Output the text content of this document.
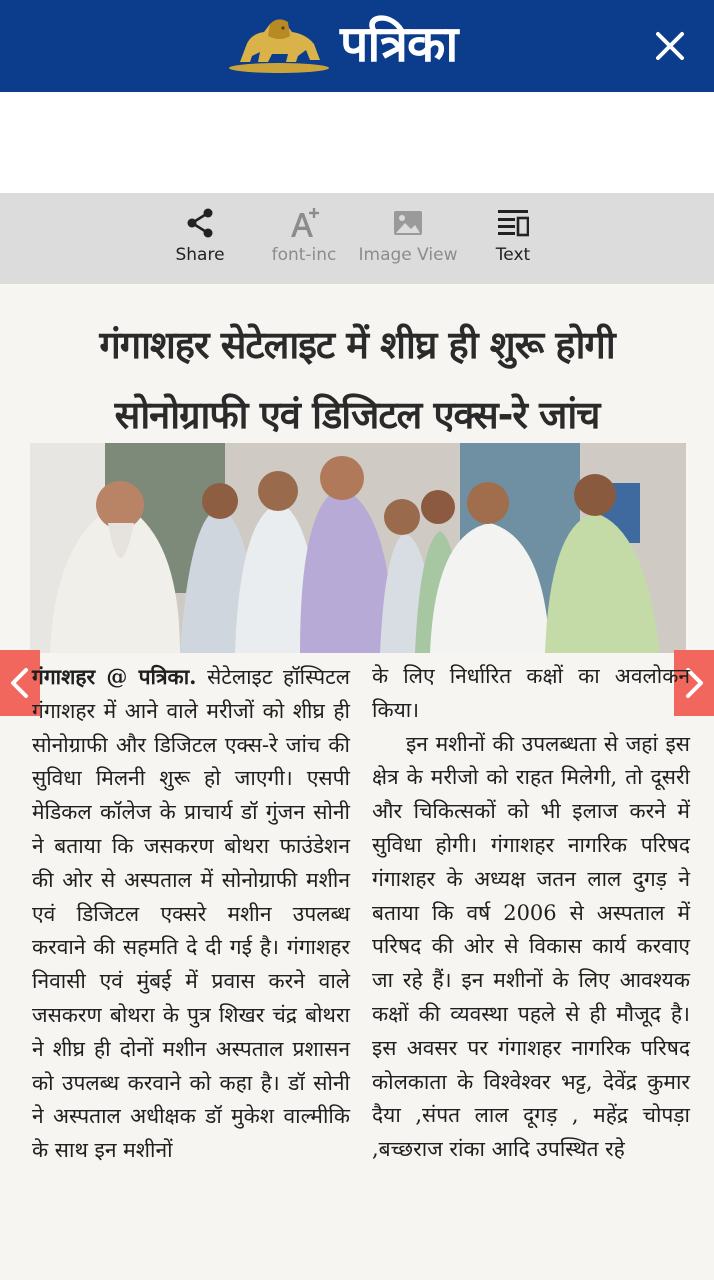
पत्रिका
Share	font-inc	Image View	Text
गंगाशहर सेटेलाइट में शीघ्र ही शुरू होगी
सोनोग्राफी एवं डिजिटल एक्स-रे जांच

गंगाशहर @ पत्रिका. सेटेलाइट हॉस्पिटल गंगाशहर में आने वाले मरीजों को शीघ्र ही सोनोग्राफी और डिजिटल एक्स-रे जांच की सुविधा मिलनी शुरू हो जाएगी। एसपी मेडिकल कॉलेज के प्राचार्य डॉ गुंजन सोनी ने बताया कि जसकरण बोथरा फाउंडेशन की ओर से अस्पताल में सोनोग्राफी मशीन एवं डिजिटल एक्सरे मशीन उपलब्ध करवाने की सहमति दे दी गई है। गंगाशहर निवासी एवं मुंबई में प्रवास करने वाले जसकरण बोथरा के पुत्र शिखर चंद्र बोथरा ने शीघ्र ही दोनों मशीन अस्पताल प्रशासन को उपलब्ध करवाने को कहा है। डॉ सोनी ने अस्पताल अधीक्षक डॉ मुकेश वाल्मीकि के साथ इन मशीनों

के लिए निर्धारित कक्षों का अवलोकन किया।

इन मशीनों की उपलब्धता से जहां इस क्षेत्र के मरीजो को राहत मिलेगी, तो दूसरी और चिकित्सकों को भी इलाज करने में सुविधा होगी। गंगाशहर नागरिक परिषद गंगाशहर के अध्यक्ष जतन लाल दुगड़ ने बताया कि वर्ष 2006 से अस्पताल में परिषद की ओर से विकास कार्य करवाए जा रहे हैं। इन मशीनों के लिए आवश्यक कक्षों की व्यवस्था पहले से ही मौजूद है। इस अवसर पर गंगाशहर नागरिक परिषद कोलकाता के विश्वेश्वर भट्ट, देवेंद्र कुमार दैया ,संपत लाल दूगड़ , महेंद्र चोपड़ा ,बच्छराज रांका आदि उपस्थित रहे
